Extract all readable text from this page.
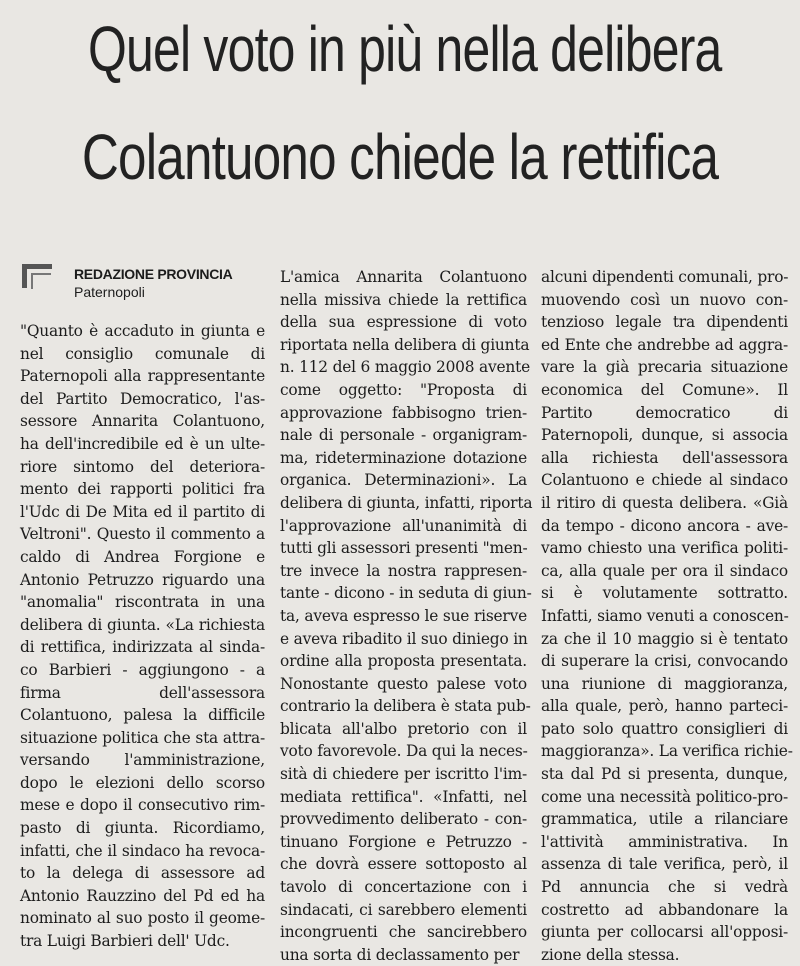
Quel voto in più nella delibera
Colantuono chiede la rettifica
REDAZIONE PROVINCIA
Paternopoli
"Quanto è accaduto in giunta e
nel consiglio comunale di
Paternopoli alla rappresentante
del Partito Democratico, l'as-
sessore Annarita Colantuono,
ha dell'incredibile ed è un ulte-
riore sintomo del deteriora-
mento dei rapporti politici fra
l'Udc di De Mita ed il partito di
Veltroni". Questo il commento a
caldo di Andrea Forgione e
Antonio Petruzzo riguardo una
"anomalia" riscontrata in una
delibera di giunta. «La richiesta
di rettifica, indirizzata al sinda-
co Barbieri - aggiungono - a
firma dell'assessora
Colantuono, palesa la difficile
situazione politica che sta attra-
versando l'amministrazione,
dopo le elezioni dello scorso
mese e dopo il consecutivo rim-
pasto di giunta. Ricordiamo,
infatti, che il sindaco ha revoca-
to la delega di assessore ad
Antonio Rauzzino del Pd ed ha
nominato al suo posto il geome-
tra Luigi Barbieri dell' Udc.
L'amica Annarita Colantuono
nella missiva chiede la rettifica
della sua espressione di voto
riportata nella delibera di giunta
n. 112 del 6 maggio 2008 avente
come oggetto: "Proposta di
approvazione fabbisogno trien-
nale di personale - organigram-
ma, rideterminazione dotazione
organica. Determinazioni». La
delibera di giunta, infatti, riporta
l'approvazione all'unanimità di
tutti gli assessori presenti "men-
tre invece la nostra rappresen-
tante - dicono - in seduta di giun-
ta, aveva espresso le sue riserve
e aveva ribadito il suo diniego in
ordine alla proposta presentata.
Nonostante questo palese voto
contrario la delibera è stata pub-
blicata all'albo pretorio con il
voto favorevole. Da qui la neces-
sità di chiedere per iscritto l'im-
mediata rettifica". «Infatti, nel
provvedimento deliberato - con-
tinuano Forgione e Petruzzo -
che dovrà essere sottoposto al
tavolo di concertazione con i
sindacati, ci sarebbero elementi
incongruenti che sancirebbero
una sorta di declassamento per
alcuni dipendenti comunali, pro-
muovendo così un nuovo con-
tenzioso legale tra dipendenti
ed Ente che andrebbe ad aggra-
vare la già precaria situazione
economica del Comune». Il
Partito democratico di
Paternopoli, dunque, si associa
alla richiesta dell'assessora
Colantuono e chiede al sindaco
il ritiro di questa delibera. «Già
da tempo - dicono ancora - ave-
vamo chiesto una verifica politi-
ca, alla quale per ora il sindaco
si è volutamente sottratto.
Infatti, siamo venuti a conoscen-
za che il 10 maggio si è tentato
di superare la crisi, convocando
una riunione di maggioranza,
alla quale, però, hanno parteci-
pato solo quattro consiglieri di
maggioranza». La verifica richie-
sta dal Pd si presenta, dunque,
come una necessità politico-pro-
grammatica, utile a rilanciare
l'attività amministrativa. In
assenza di tale verifica, però, il
Pd annuncia che si vedrà
costretto ad abbandonare la
giunta per collocarsi all'opposi-
zione della stessa.
